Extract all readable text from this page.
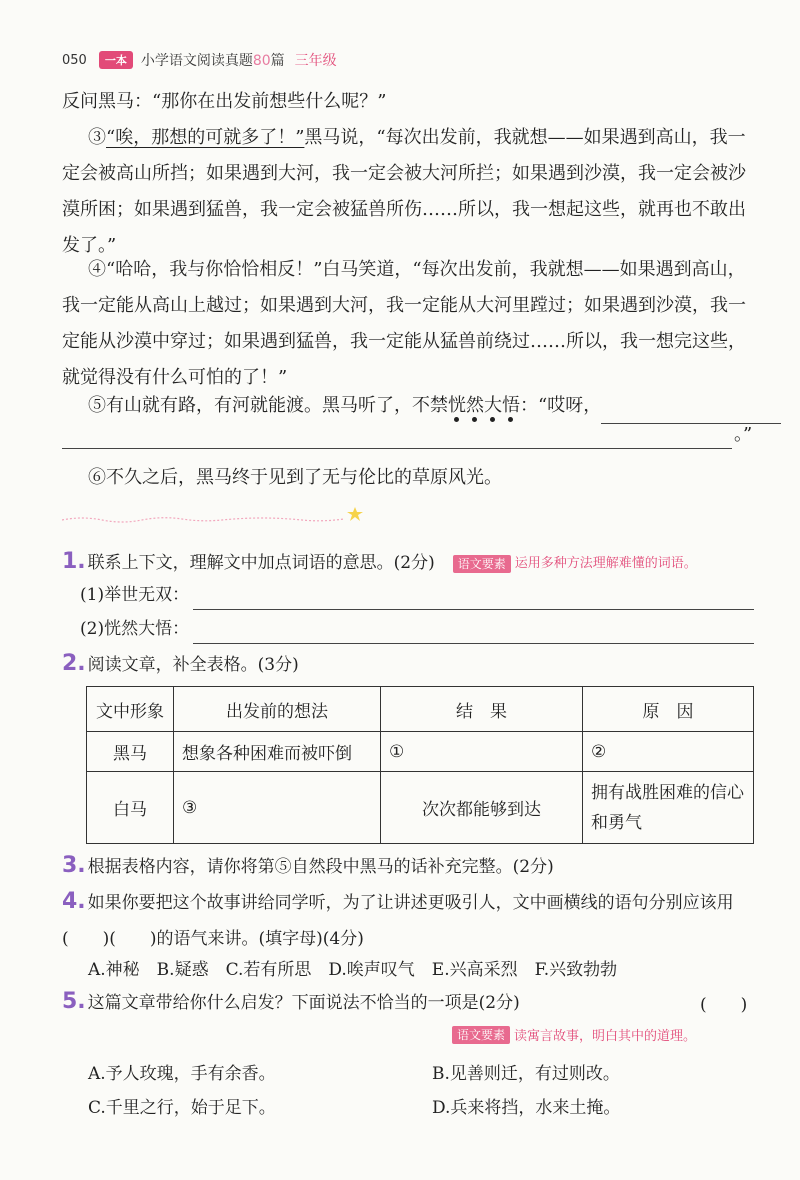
050	一本	小学语文阅读真题80篇 三年级
反问黑马：“那你在出发前想些什么呢？”
③“唉，那想的可就多了！”黑马说，“每次出发前，我就想——如果遇到高山，我一定会被高山所挡；如果遇到大河，我一定会被大河所拦；如果遇到沙漠，我一定会被沙漠所困；如果遇到猛兽，我一定会被猛兽所伤……所以，我一想起这些，就再也不敢出发了。”
④“哈哈，我与你恰恰相反！”白马笑道，“每次出发前，我就想——如果遇到高山，我一定能从高山上越过；如果遇到大河，我一定能从大河里蹚过；如果遇到沙漠，我一定能从沙漠中穿过；如果遇到猛兽，我一定能从猛兽前绕过……所以，我一想完这些，就觉得没有什么可怕的了！”
⑤有山就有路，有河就能渡。黑马听了，不禁恍然大悟
：“哎呀，
。”
⑥不久之后，黑马终于见到了无与伦比的草原风光。
1. 联系上下文，理解文中加点词语的意思。(2分) 语文要素 运用多种方法理解难懂的词语。
(1)举世无双：
(2)恍然大悟：
2. 阅读文章，补全表格。(3分)
文中形象	出发前的想法	结　果	原　因
黑马	想象各种困难而被吓倒	①	②
白马	③	次次都能够到达	拥有战胜困难的信心和勇气
3. 根据表格内容，请你将第⑤自然段中黑马的话补充完整。(2分)
4. 如果你要把这个故事讲给同学听，为了让讲述更吸引人，文中画横线的语句分别应该用(　　)(　　)的语气来讲。(填字母)(4分)
A.神秘　B.疑惑　C.若有所思　D.唉声叹气　E.兴高采烈　F.兴致勃勃
5. 这篇文章带给你什么启发？下面说法不恰当的一项是(2分)	(　　)
语文要素 读寓言故事，明白其中的道理。
A.予人玫瑰，手有余香。	B.见善则迁，有过则改。
C.千里之行，始于足下。	D.兵来将挡，水来土掩。
